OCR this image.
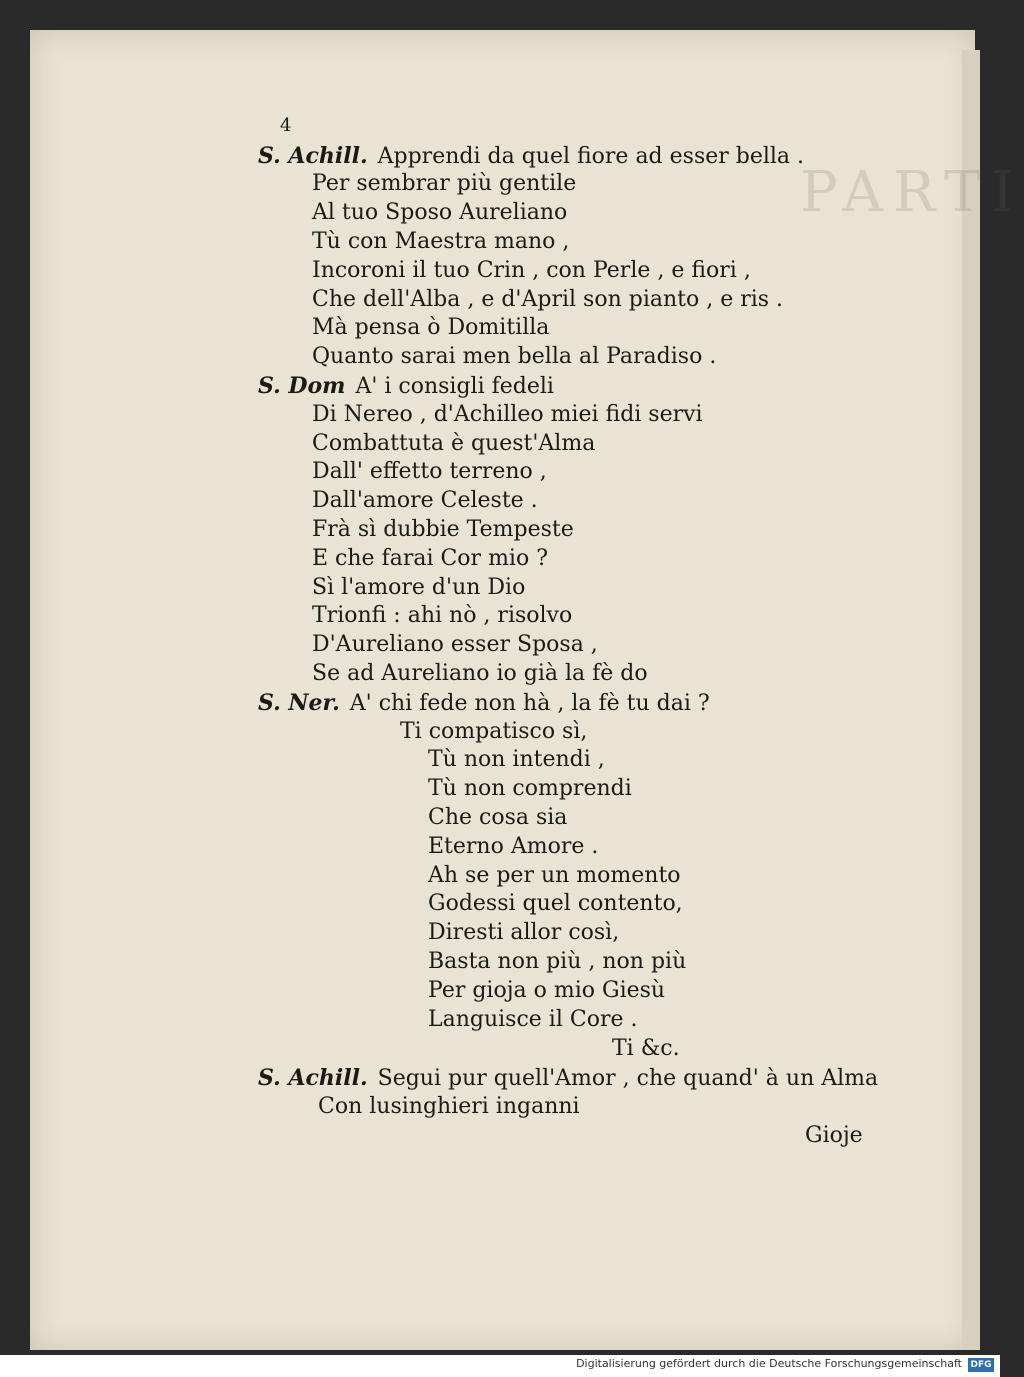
PARTI
4
S. Achill. Apprendi da quel fiore ad esser bella .
Per sembrar più gentile
Al tuo Sposo Aureliano
Tù con Maestra mano ,
Incoroni il tuo Crin , con Perle , e fiori ,
Che dell'Alba , e d'April son pianto , e ris .
Mà pensa ò Domitilla
Quanto sarai men bella al Paradiso .
S. Dom A' i consigli fedeli
Di Nereo , d'Achilleo miei fidi servi
Combattuta è quest'Alma
Dall' effetto terreno ,
Dall'amore Celeste .
Frà sì dubbie Tempeste
E che farai Cor mio ?
Sì l'amore d'un Dio
Trionfi : ahi nò , risolvo
D'Aureliano esser Sposa ,
Se ad Aureliano io già la fè do
S. Ner. A' chi fede non hà , la fè tu dai ?
Ti compatisco sì,
Tù non intendi ,
Tù non comprendi
Che cosa sia
Eterno Amore .
Ah se per un momento
Godessi quel contento,
Diresti allor così,
Basta non più , non più
Per gioja o mio Giesù
Languisce il Core .
Ti &c.
S. Achill. Segui pur quell'Amor , che quand' à un Alma
Con lusinghieri inganni
Gioje
Digitalisierung gefördert durch die Deutsche Forschungsgemeinschaft DFG
